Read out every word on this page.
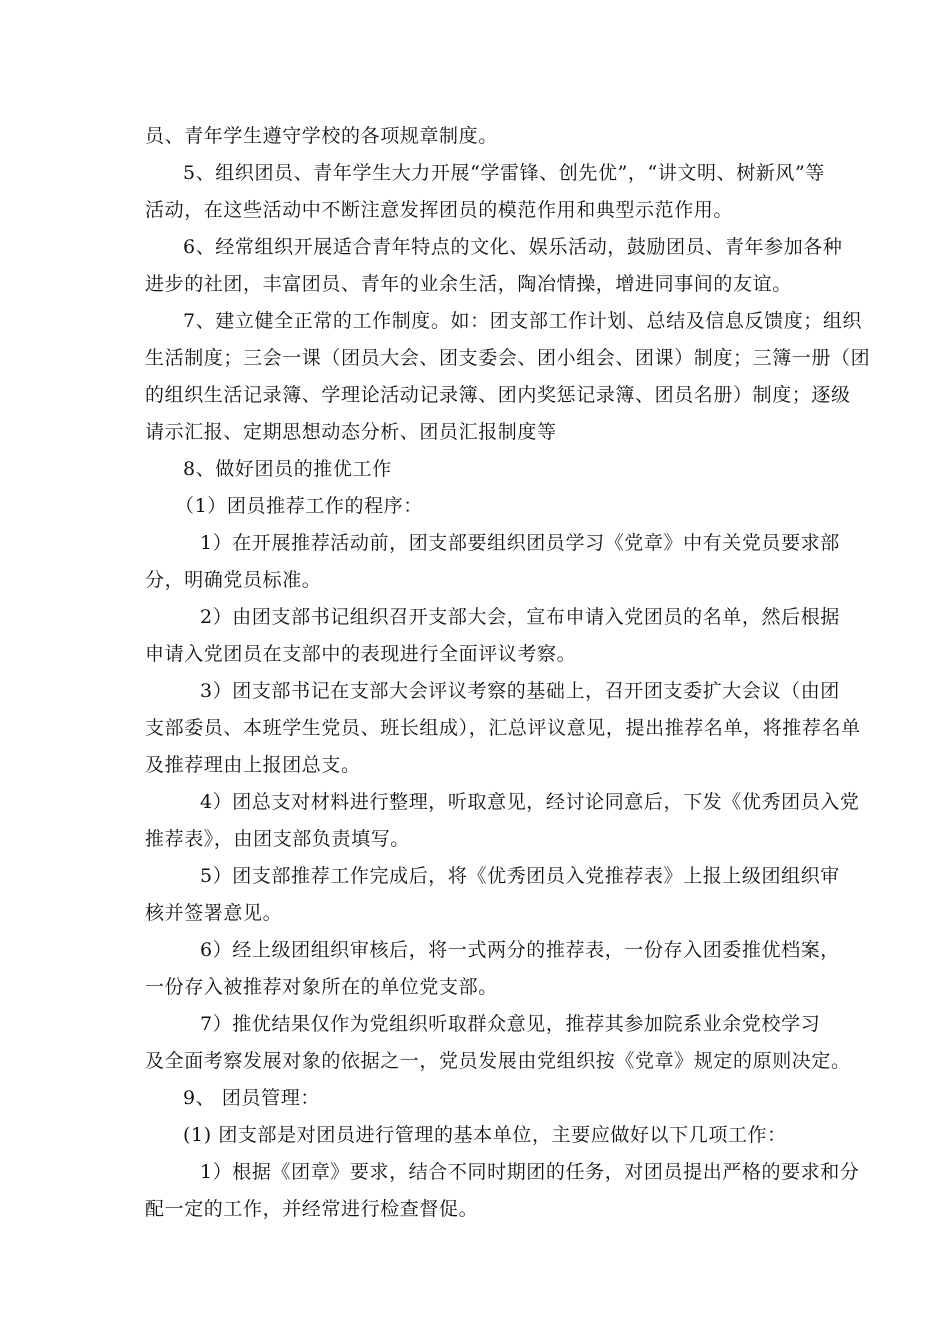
员、青年学生遵守学校的各项规章制度。
5、组织团员、青年学生大力开展“学雷锋、创先优”，“讲文明、树新风”等
活动，在这些活动中不断注意发挥团员的模范作用和典型示范作用。
6、经常组织开展适合青年特点的文化、娱乐活动，鼓励团员、青年参加各种
进步的社团，丰富团员、青年的业余生活，陶冶情操，增进同事间的友谊。
7、建立健全正常的工作制度。如：团支部工作计划、总结及信息反馈度；组织
生活制度；三会一课（团员大会、团支委会、团小组会、团课）制度；三簿一册（团
的组织生活记录簿、学理论活动记录簿、团内奖惩记录簿、团员名册）制度；逐级
请示汇报、定期思想动态分析、团员汇报制度等
8、做好团员的推优工作
（1）团员推荐工作的程序：
1）在开展推荐活动前，团支部要组织团员学习《党章》中有关党员要求部
分，明确党员标准。
2）由团支部书记组织召开支部大会，宣布申请入党团员的名单，然后根据
申请入党团员在支部中的表现进行全面评议考察。
3）团支部书记在支部大会评议考察的基础上，召开团支委扩大会议（由团
支部委员、本班学生党员、班长组成），汇总评议意见，提出推荐名单，将推荐名单
及推荐理由上报团总支。
4）团总支对材料进行整理，听取意见，经讨论同意后，下发《优秀团员入党
推荐表》，由团支部负责填写。
5）团支部推荐工作完成后，将《优秀团员入党推荐表》上报上级团组织审
核并签署意见。
6）经上级团组织审核后，将一式两分的推荐表，一份存入团委推优档案，
一份存入被推荐对象所在的单位党支部。
7）推优结果仅作为党组织听取群众意见，推荐其参加院系业余党校学习
及全面考察发展对象的依据之一，党员发展由党组织按《党章》规定的原则决定。
9、 团员管理：
(1) 团支部是对团员进行管理的基本单位，主要应做好以下几项工作：
1）根据《团章》要求，结合不同时期团的任务，对团员提出严格的要求和分
配一定的工作，并经常进行检查督促。
